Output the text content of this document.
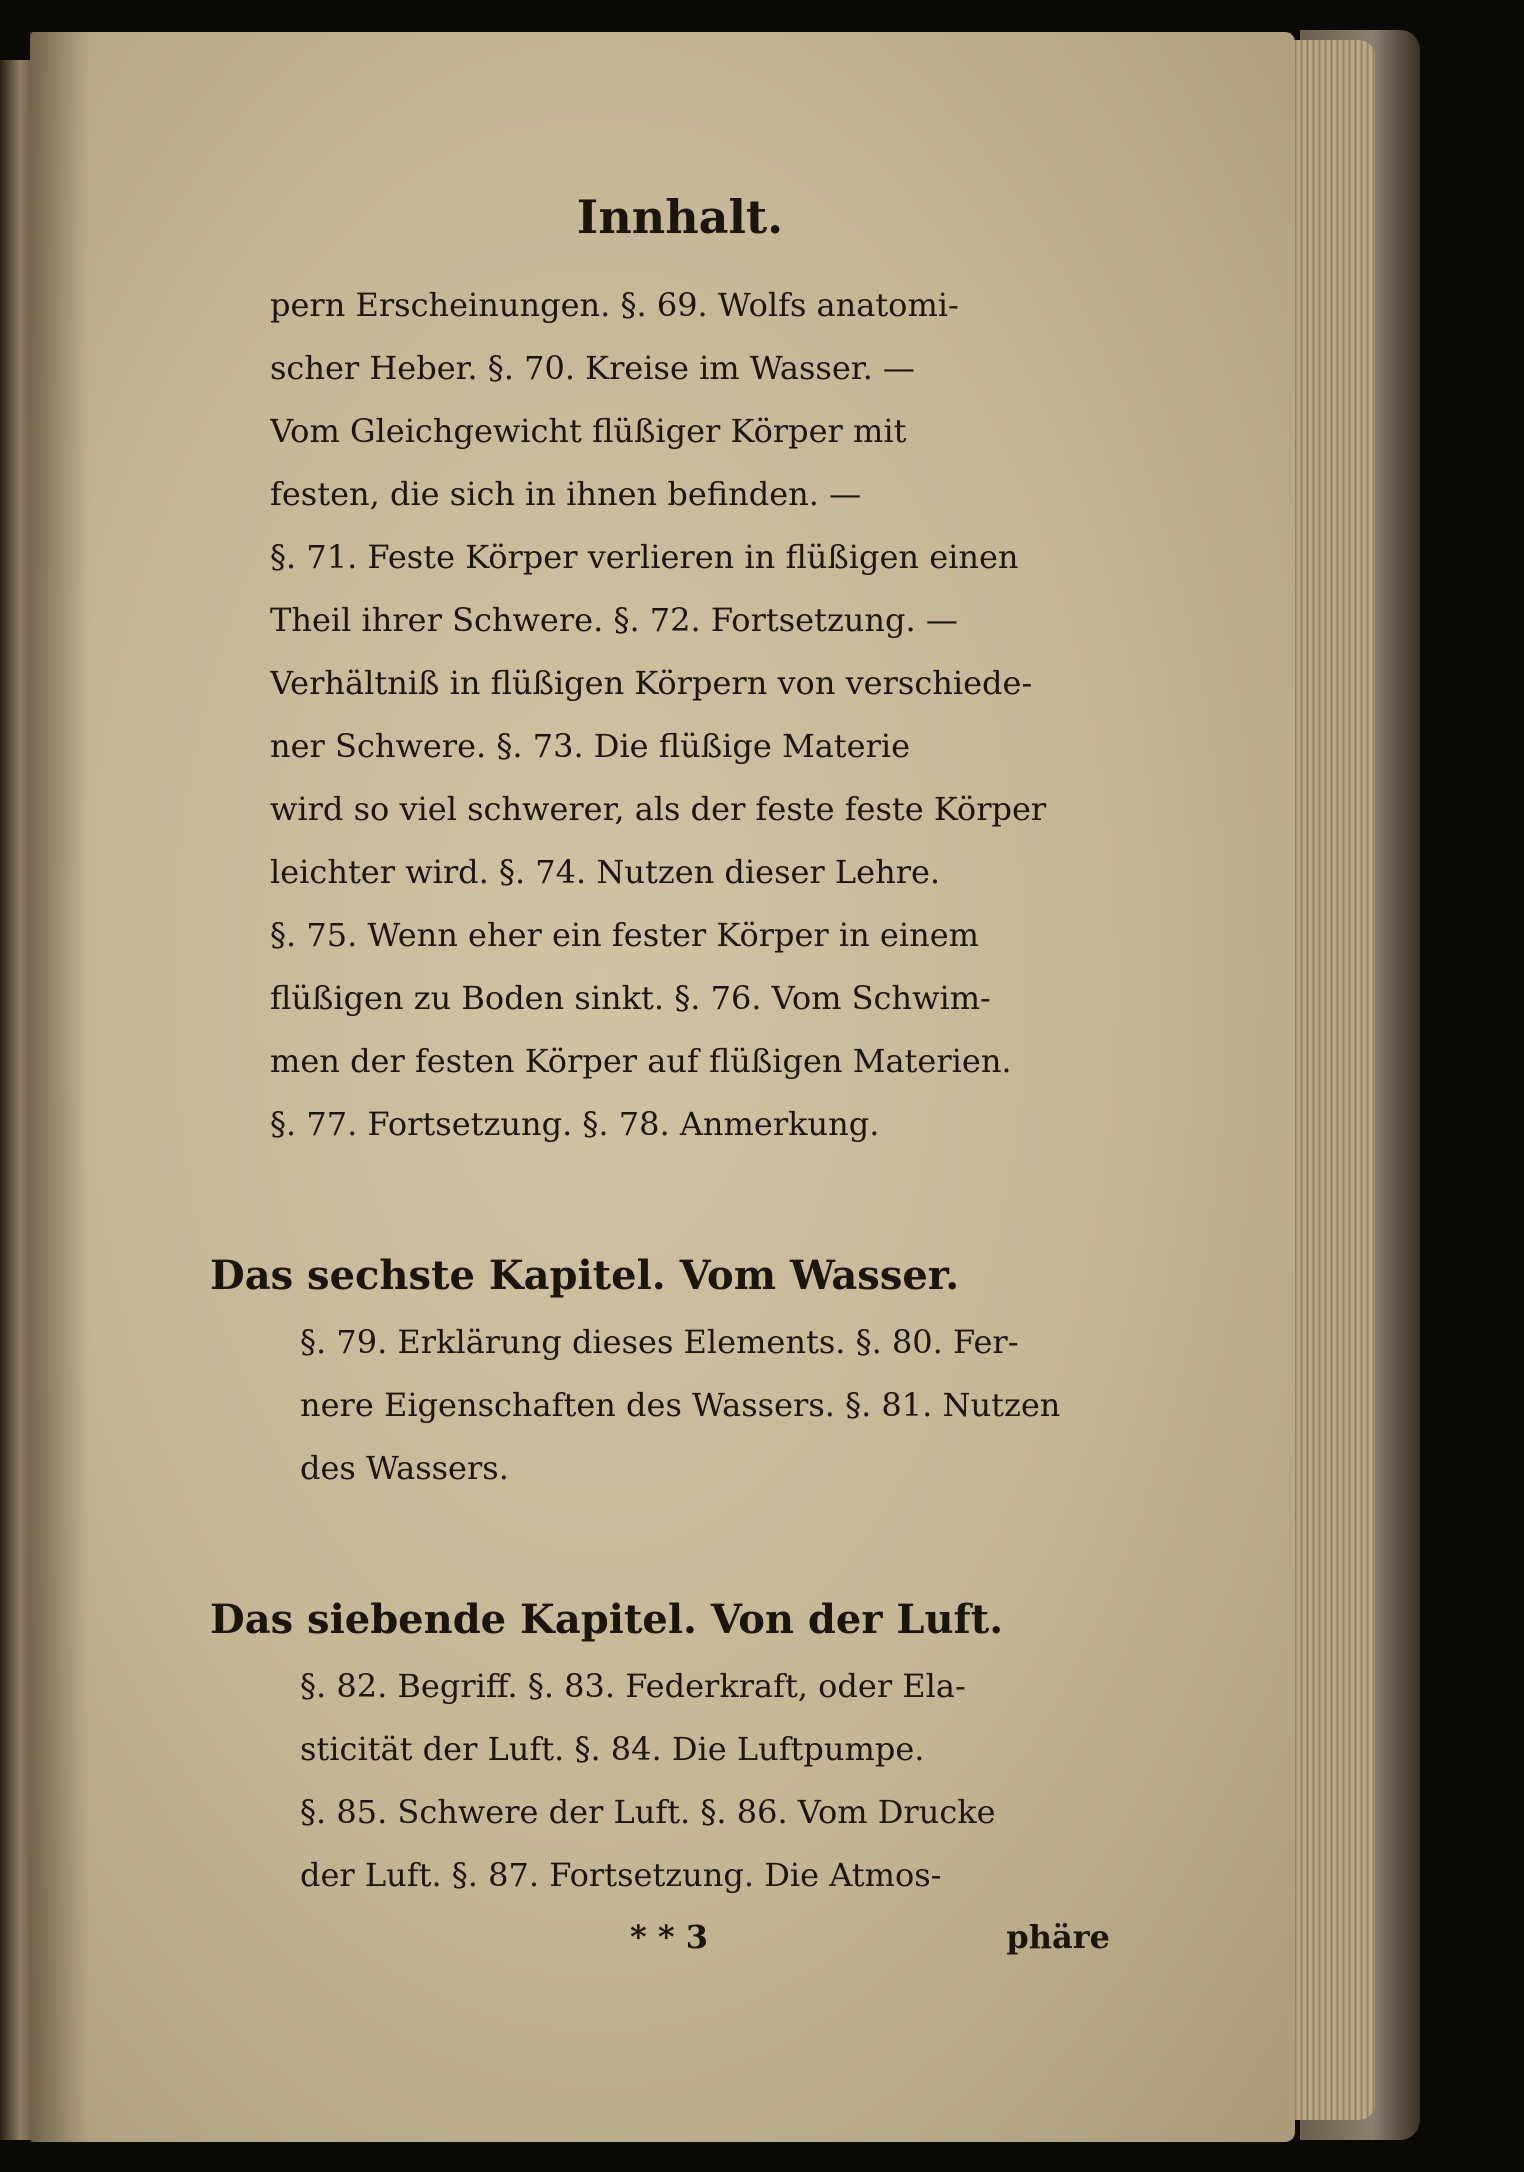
Innhalt.
pern Erscheinungen. §. 69. Wolfs anatomi-
scher Heber. §. 70. Kreise im Wasser. —
Vom Gleichgewicht flüßiger Körper mit
festen, die sich in ihnen befinden. —
§. 71. Feste Körper verlieren in flüßigen einen
Theil ihrer Schwere. §. 72. Fortsetzung. —
Verhältniß in flüßigen Körpern von verschiede-
ner Schwere. §. 73. Die flüßige Materie
wird so viel schwerer, als der feste feste Körper
leichter wird. §. 74. Nutzen dieser Lehre.
§. 75. Wenn eher ein fester Körper in einem
flüßigen zu Boden sinkt. §. 76. Vom Schwim-
men der festen Körper auf flüßigen Materien.
§. 77. Fortsetzung. §. 78. Anmerkung.
Das sechste Kapitel. Vom Wasser.
§. 79. Erklärung dieses Elements. §. 80. Fer-
nere Eigenschaften des Wassers. §. 81. Nutzen
des Wassers.
Das siebende Kapitel. Von der Luft.
§. 82. Begriff. §. 83. Federkraft, oder Ela-
sticität der Luft. §. 84. Die Luftpumpe.
§. 85. Schwere der Luft. §. 86. Vom Drucke
der Luft. §. 87. Fortsetzung. Die Atmos-
* * 3	phäre
